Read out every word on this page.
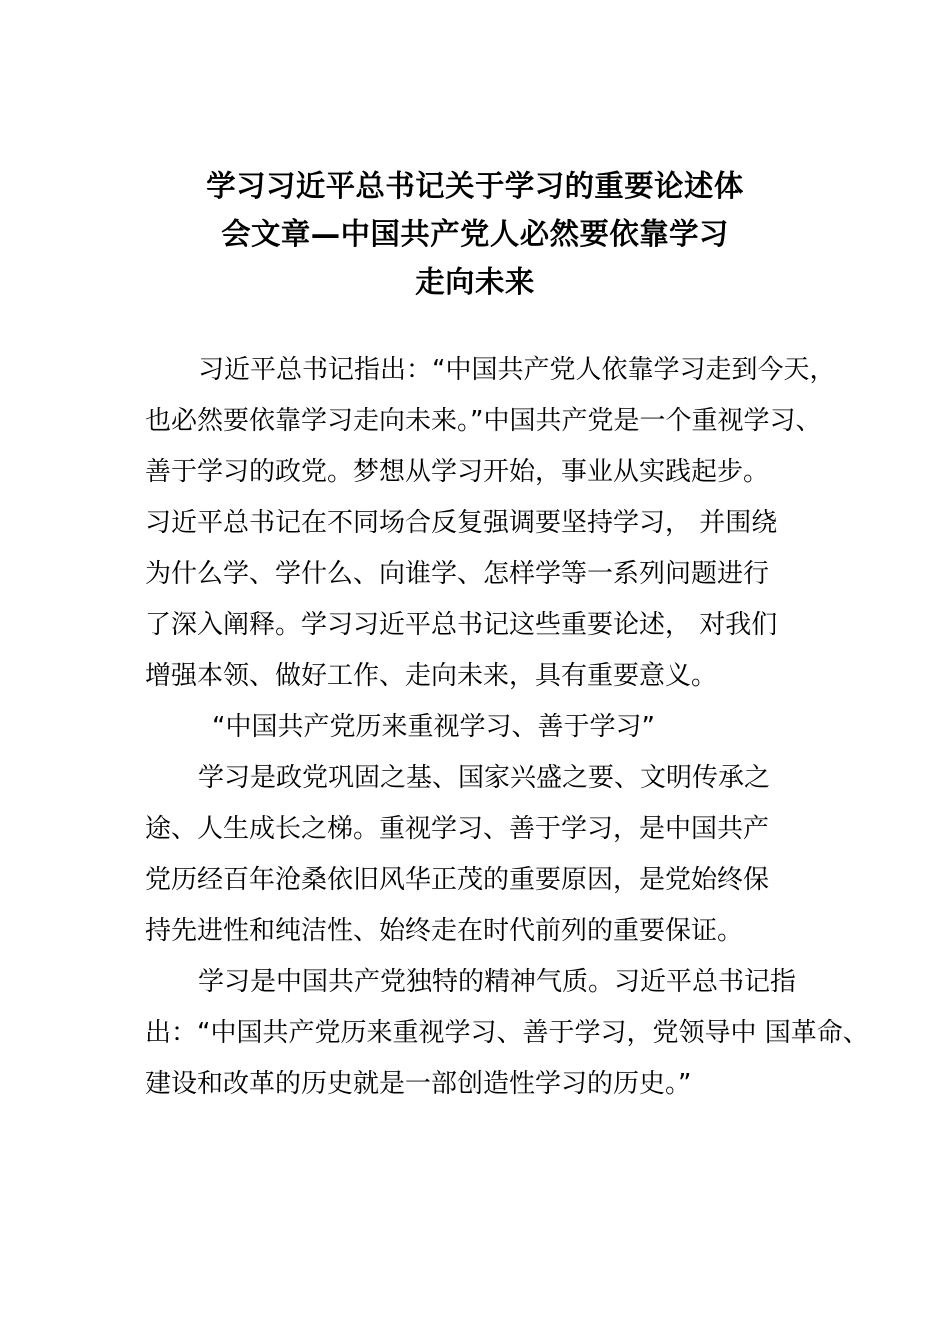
学习习近平总书记关于学习的重要论述体
会文章—中国共产党人必然要依靠学习
走向未来
习近平总书记指出：“中国共产党人依靠学习走到今天，
也必然要依靠学习走向未来。”中国共产党是一个重视学习、
善于学习的政党。梦想从学习开始，事业从实践起步。
习近平总书记在不同场合反复强调要坚持学习， 并围绕
为什么学、学什么、向谁学、怎样学等一系列问题进行
了深入阐释。学习习近平总书记这些重要论述， 对我们
增强本领、做好工作、走向未来，具有重要意义。
“中国共产党历来重视学习、善于学习”
学习是政党巩固之基、国家兴盛之要、文明传承之
途、人生成长之梯。重视学习、善于学习，是中国共产
党历经百年沧桑依旧风华正茂的重要原因，是党始终保
持先进性和纯洁性、始终走在时代前列的重要保证。
学习是中国共产党独特的精神气质。习近平总书记指
出：“中国共产党历来重视学习、善于学习，党领导中 国革命、
建设和改革的历史就是一部创造性学习的历史。”
